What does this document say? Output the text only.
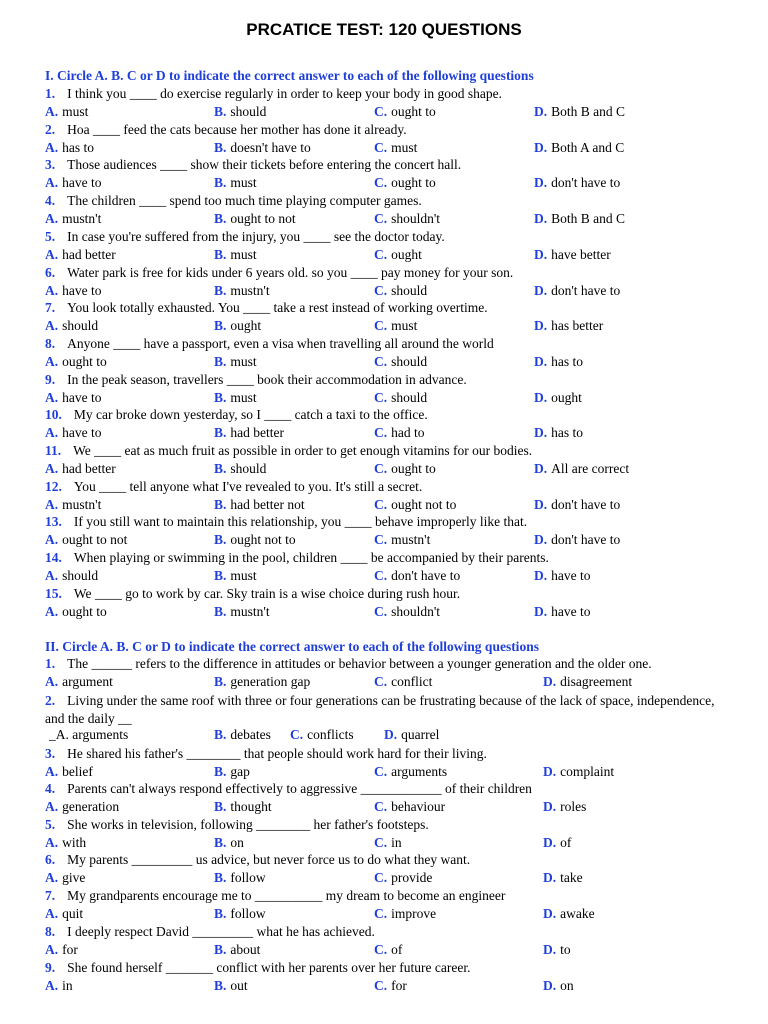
PRCATICE TEST: 120 QUESTIONS
I. Circle A. B. C or D to indicate the correct answer to each of the following questions
1. I think you ____ do exercise regularly in order to keep your body in good shape.
A. must	B. should	C. ought to	D. Both B and C
2. Hoa ____ feed the cats because her mother has done it already.
A. has to	B. doesn't have to	C. must	D. Both A and C
3. Those audiences ____ show their tickets before entering the concert hall.
A. have to	B. must	C. ought to	D. don't have to
4. The children ____ spend too much time playing computer games.
A. mustn't	B. ought to not	C. shouldn't	D. Both B and C
5. In case you're suffered from the injury, you ____ see the doctor today.
A. had better	B. must	C. ought	D. have better
6. Water park is free for kids under 6 years old. so you ____ pay money for your son.
A. have to	B. mustn't	C. should	D. don't have to
7. You look totally exhausted. You ____ take a rest instead of working overtime.
A. should	B. ought	C. must	D. has better
8. Anyone ____ have a passport, even a visa when travelling all around the world
A. ought to	B. must	C. should	D. has to
9. In the peak season, travellers ____ book their accommodation in advance.
A. have to	B. must	C. should	D. ought
10. My car broke down yesterday, so I ____ catch a taxi to the office.
A. have to	B. had better	C. had to	D. has to
11. We ____ eat as much fruit as possible in order to get enough vitamins for our bodies.
A. had better	B. should	C. ought to	D. All are correct
12. You ____ tell anyone what I've revealed to you. It's still a secret.
A. mustn't	B. had better not	C. ought not to	D. don't have to
13. If you still want to maintain this relationship, you ____ behave improperly like that.
A. ought to not	B. ought not to	C. mustn't	D. don't have to
14. When playing or swimming in the pool, children ____ be accompanied by their parents.
A. should	B. must	C. don't have to	D. have to
15. We ____ go to work by car. Sky train is a wise choice during rush hour.
A. ought to	B. mustn't	C. shouldn't	D. have to
II. Circle A. B. C or D to indicate the correct answer to each of the following questions
1. The ______ refers to the difference in attitudes or behavior between a younger generation and the older one.
A. argument	B. generation gap	C. conflict	D. disagreement
2. Living under the same roof with three or four generations can be frustrating because of the lack of space, independence, and the daily __
_A. arguments	B. debates C. conflicts D. quarrel
3. He shared his father's ________ that people should work hard for their living.
A. belief	B. gap	C. arguments	D. complaint
4. Parents can't always respond effectively to aggressive ____________ of their children
A. generation	B. thought	C. behaviour	D. roles
5. She works in television, following ________ her father's footsteps.
A. with	B. on	C. in	D. of
6. My parents _________ us advice, but never force us to do what they want.
A. give	B. follow	C. provide	D. take
7. My grandparents encourage me to __________ my dream to become an engineer
A. quit	B. follow	C. improve	D. awake
8. I deeply respect David _________ what he has achieved.
A. for	B. about	C. of	D. to
9. She found herself _______ conflict with her parents over her future career.
A. in	B. out	C. for	D. on
